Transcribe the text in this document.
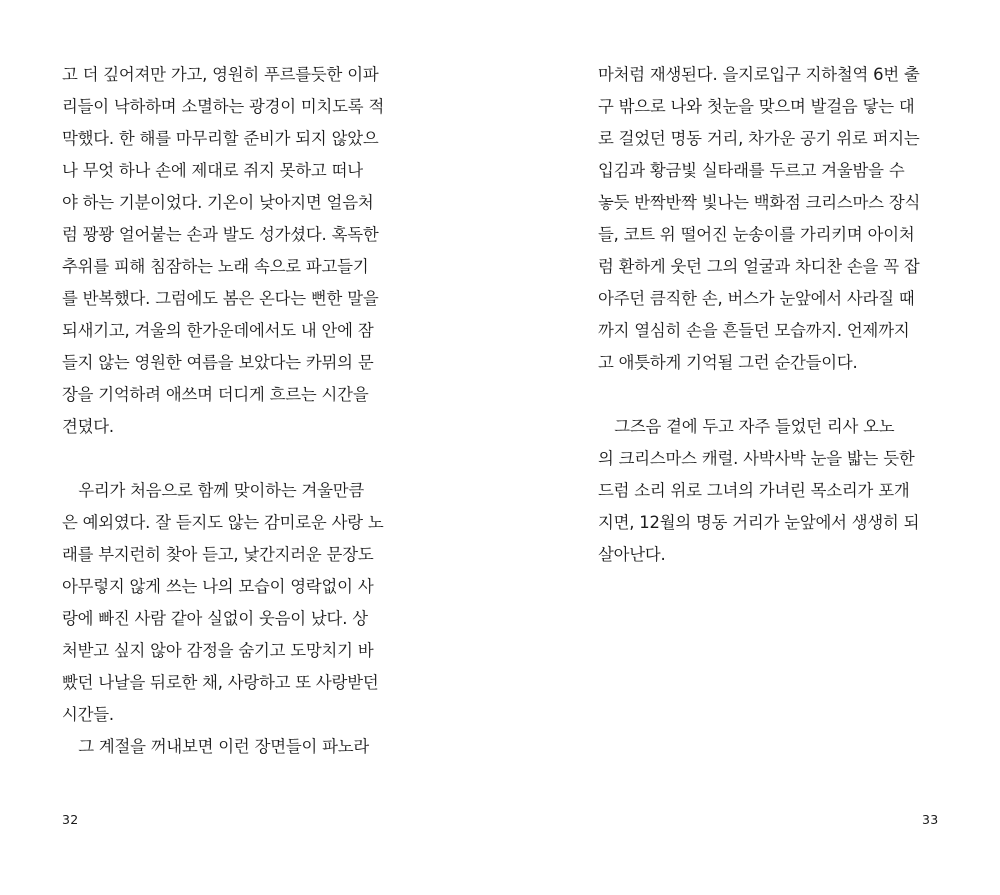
고 더 깊어져만 가고, 영원히 푸르를듯한 이파
리들이 낙하하며 소멸하는 광경이 미치도록 적
막했다. 한 해를 마무리할 준비가 되지 않았으
나 무엇 하나 손에 제대로 쥐지 못하고 떠나
야 하는 기분이었다. 기온이 낮아지면 얼음처
럼 꽝꽝 얼어붙는 손과 발도 성가셨다. 혹독한
추위를 피해 침잠하는 노래 속으로 파고들기
를 반복했다. 그럼에도 봄은 온다는 뻔한 말을
되새기고, 겨울의 한가운데에서도 내 안에 잠
들지 않는 영원한 여름을 보았다는 카뮈의 문
장을 기억하려 애쓰며 더디게 흐르는 시간을
견뎠다.
　우리가 처음으로 함께 맞이하는 겨울만큼
은 예외였다. 잘 듣지도 않는 감미로운 사랑 노
래를 부지런히 찾아 듣고, 낯간지러운 문장도
아무렇지 않게 쓰는 나의 모습이 영락없이 사
랑에 빠진 사람 같아 실없이 웃음이 났다. 상
처받고 싶지 않아 감정을 숨기고 도망치기 바
빴던 나날을 뒤로한 채, 사랑하고 또 사랑받던
시간들.
　그 계절을 꺼내보면 이런 장면들이 파노라
32
마처럼 재생된다. 을지로입구 지하철역 6번 출
구 밖으로 나와 첫눈을 맞으며 발걸음 닿는 대
로 걸었던 명동 거리, 차가운 공기 위로 퍼지는
입김과 황금빛 실타래를 두르고 겨울밤을 수
놓듯 반짝반짝 빛나는 백화점 크리스마스 장식
들, 코트 위 떨어진 눈송이를 가리키며 아이처
럼 환하게 웃던 그의 얼굴과 차디찬 손을 꼭 잡
아주던 큼직한 손, 버스가 눈앞에서 사라질 때
까지 열심히 손을 흔들던 모습까지. 언제까지
고 애틋하게 기억될 그런 순간들이다.
　그즈음 곁에 두고 자주 들었던 리사 오노
의 크리스마스 캐럴. 사박사박 눈을 밟는 듯한
드럼 소리 위로 그녀의 가녀린 목소리가 포개
지면, 12월의 명동 거리가 눈앞에서 생생히 되
살아난다.
33
